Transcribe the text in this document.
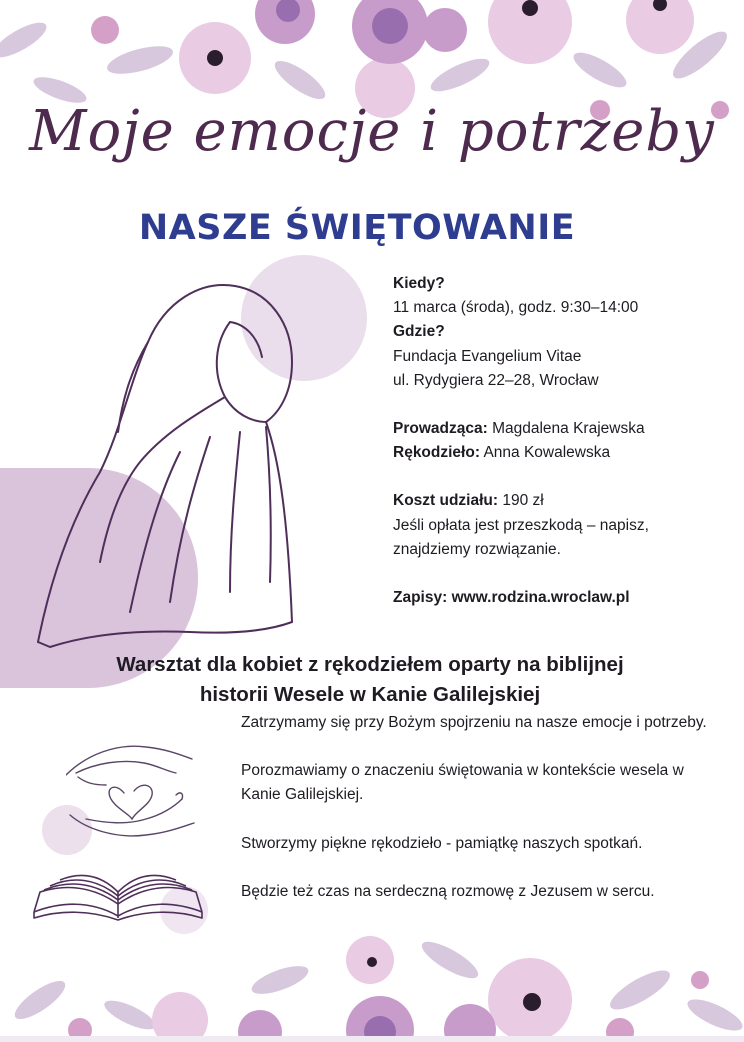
Moje emocje i potrzeby
NASZE ŚWIĘTOWANIE
Kiedy?
11 marca (środa), godz. 9:30–14:00
Gdzie?
Fundacja Evangelium Vitae
ul. Rydygiera 22–28, Wrocław
Prowadząca: Magdalena Krajewska
Rękodzieło: Anna Kowalewska
Koszt udziału: 190 zł
Jeśli opłata jest przeszkodą – napisz,
znajdziemy rozwiązanie.
Zapisy: www.rodzina.wroclaw.pl
Warsztat dla kobiet z rękodziełem oparty na biblijnej
historii Wesele w Kanie Galilejskiej

Zatrzymamy się przy Bożym spojrzeniu na nasze emocje i potrzeby.

Porozmawiamy o znaczeniu świętowania w kontekście wesela w Kanie Galilejskiej.

Stworzymy piękne rękodzieło - pamiątkę naszych spotkań.

Będzie też czas na serdeczną rozmowę z Jezusem w sercu.
